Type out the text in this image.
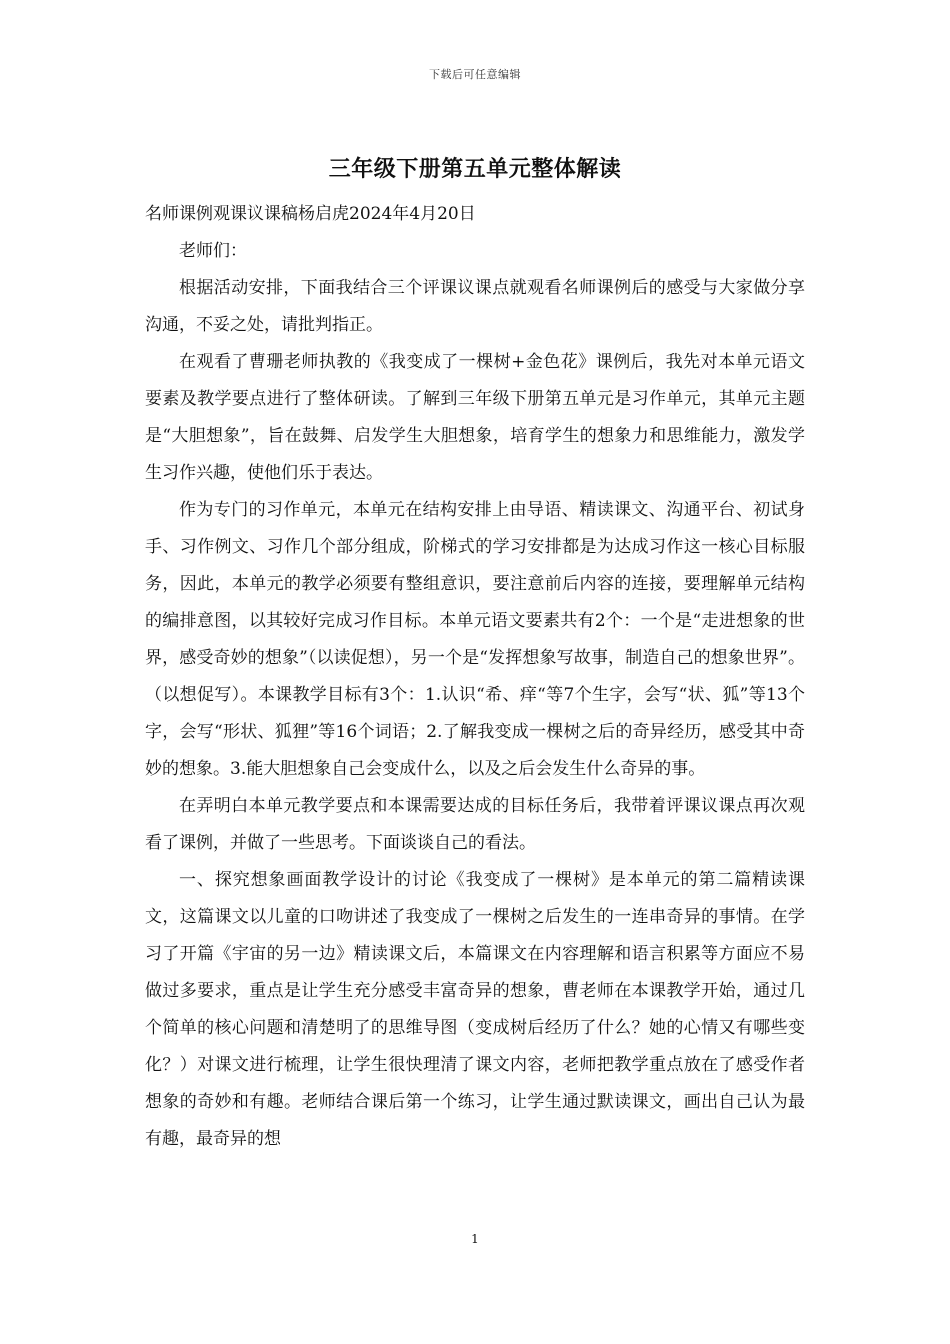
下载后可任意编辑
三年级下册第五单元整体解读

名师课例观课议课稿杨启虎2024年4月20日

老师们：

根据活动安排，下面我结合三个评课议课点就观看名师课例后的感受与大家做分享沟通，不妥之处，请批判指正。

在观看了曹珊老师执教的《我变成了一棵树+金色花》课例后，我先对本单元语文要素及教学要点进行了整体研读。了解到三年级下册第五单元是习作单元，其单元主题是“大胆想象”，旨在鼓舞、启发学生大胆想象，培育学生的想象力和思维能力，激发学生习作兴趣，使他们乐于表达。

作为专门的习作单元，本单元在结构安排上由导语、精读课文、沟通平台、初试身手、习作例文、习作几个部分组成，阶梯式的学习安排都是为达成习作这一核心目标服务，因此，本单元的教学必须要有整组意识，要注意前后内容的连接，要理解单元结构的编排意图，以其较好完成习作目标。本单元语文要素共有2个：一个是“走进想象的世界，感受奇妙的想象”（以读促想），另一个是“发挥想象写故事，制造自己的想象世界”。（以想促写）。本课教学目标有3个：1.认识“希、痒“等7个生字，会写“状、狐”等13个字，会写“形状、狐狸”等16个词语；2.了解我变成一棵树之后的奇异经历，感受其中奇妙的想象。3.能大胆想象自己会变成什么，以及之后会发生什么奇异的事。

在弄明白本单元教学要点和本课需要达成的目标任务后，我带着评课议课点再次观看了课例，并做了一些思考。下面谈谈自己的看法。

一、探究想象画面教学设计的讨论《我变成了一棵树》是本单元的第二篇精读课文，这篇课文以儿童的口吻讲述了我变成了一棵树之后发生的一连串奇异的事情。在学习了开篇《宇宙的另一边》精读课文后，本篇课文在内容理解和语言积累等方面应不易做过多要求，重点是让学生充分感受丰富奇异的想象，曹老师在本课教学开始，通过几个简单的核心问题和清楚明了的思维导图（变成树后经历了什么？她的心情又有哪些变化？）对课文进行梳理，让学生很快理清了课文内容，老师把教学重点放在了感受作者想象的奇妙和有趣。老师结合课后第一个练习，让学生通过默读课文，画出自己认为最有趣，最奇异的想

1
